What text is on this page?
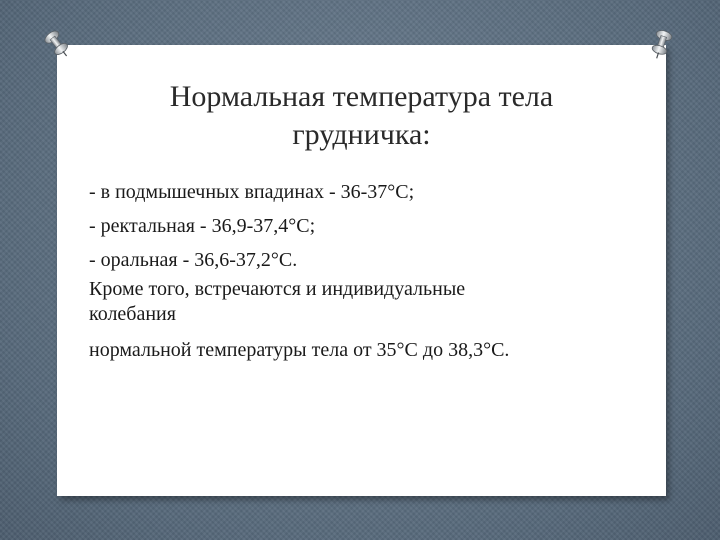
Нормальная температура тела
грудничка:
- в подмышечных впадинах - 36-37°С;
- ректальная - 36,9-37,4°С;
- оральная - 36,6-37,2°С.
Кроме того, встречаются и индивидуальные
колебания
нормальной температуры тела от 35°С до 38,3°С.
